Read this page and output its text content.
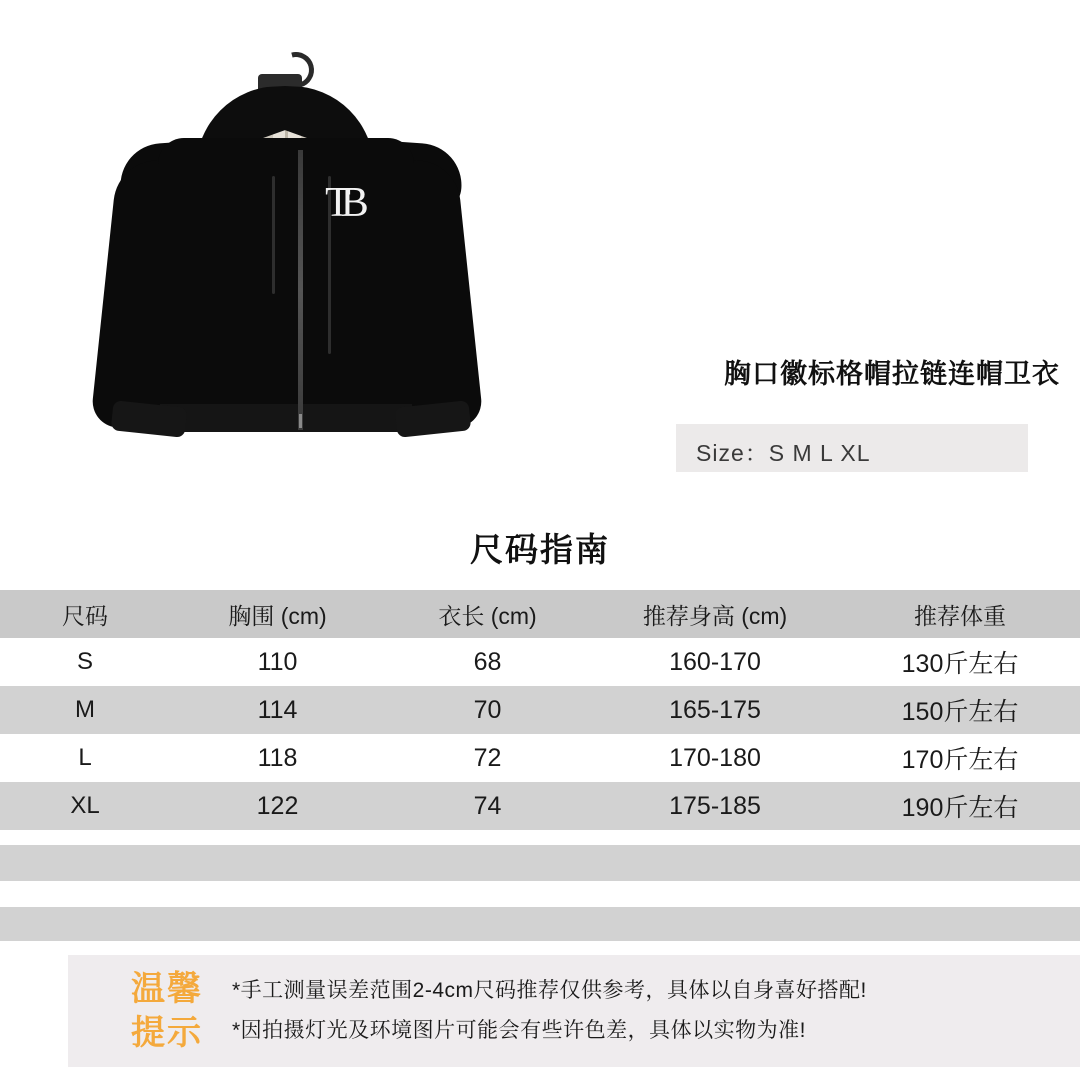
TB
胸口徽标格帽拉链连帽卫衣
Size：S M L XL
尺码指南
尺码	胸围 (cm)	衣长 (cm)	推荐身高 (cm)	推荐体重
S	110	68	160-170	130斤左右
M	114	70	165-175	150斤左右
L	118	72	170-180	170斤左右
XL	122	74	175-185	190斤左右
温馨
提示
*手工测量误差范围2-4cm尺码推荐仅供参考，具体以自身喜好搭配!
*因拍摄灯光及环境图片可能会有些许色差，具体以实物为准!
